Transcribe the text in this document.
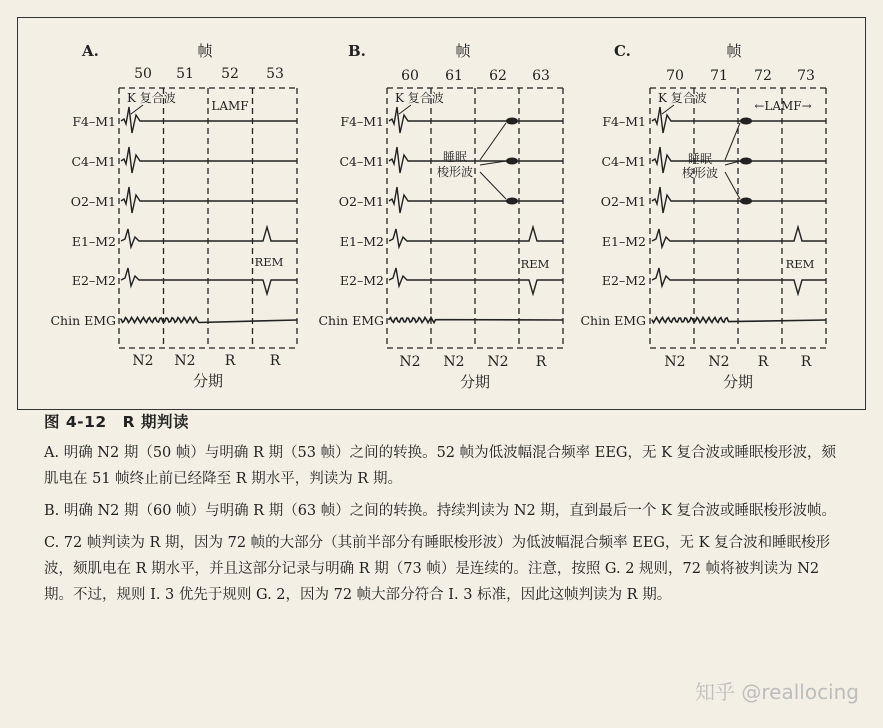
A.	帧
50 51 52 53
N2 N2 R R
分期
F4–M1
C4–M1
O2–M1
E1–M2
E2–M2
Chin EMG
K 复合波
LAMF
REM
B.	帧
60 61 62 63
N2 N2 N2 R
分期
F4–M1
C4–M1
O2–M1
E1–M2
E2–M2
Chin EMG
K 复合波
REM
睡眠
梭形波
C.	帧
70 71 72 73
N2 N2 R R
分期
F4–M1
C4–M1
O2–M1
E1–M2
E2–M2
Chin EMG
K 复合波
←LAMF→
REM
睡眠
梭形波
图 4-12　R 期判读

A. 明确 N2 期（50 帧）与明确 R 期（53 帧）之间的转换。52 帧为低波幅混合频率 EEG，无 K 复合波或睡眠梭形波，颏肌电在 51 帧终止前已经降至 R 期水平，判读为 R 期。

B. 明确 N2 期（60 帧）与明确 R 期（63 帧）之间的转换。持续判读为 N2 期，直到最后一个 K 复合波或睡眠梭形波帧。

C. 72 帧判读为 R 期，因为 72 帧的大部分（其前半部分有睡眠梭形波）为低波幅混合频率 EEG，无 K 复合波和睡眠梭形波，颏肌电在 R 期水平，并且这部分记录与明确 R 期（73 帧）是连续的。注意，按照 G. 2 规则，72 帧将被判读为 N2 期。不过，规则 I. 3 优先于规则 G. 2，因为 72 帧大部分符合 I. 3 标准，因此这帧判读为 R 期。

知乎 @reallocing
